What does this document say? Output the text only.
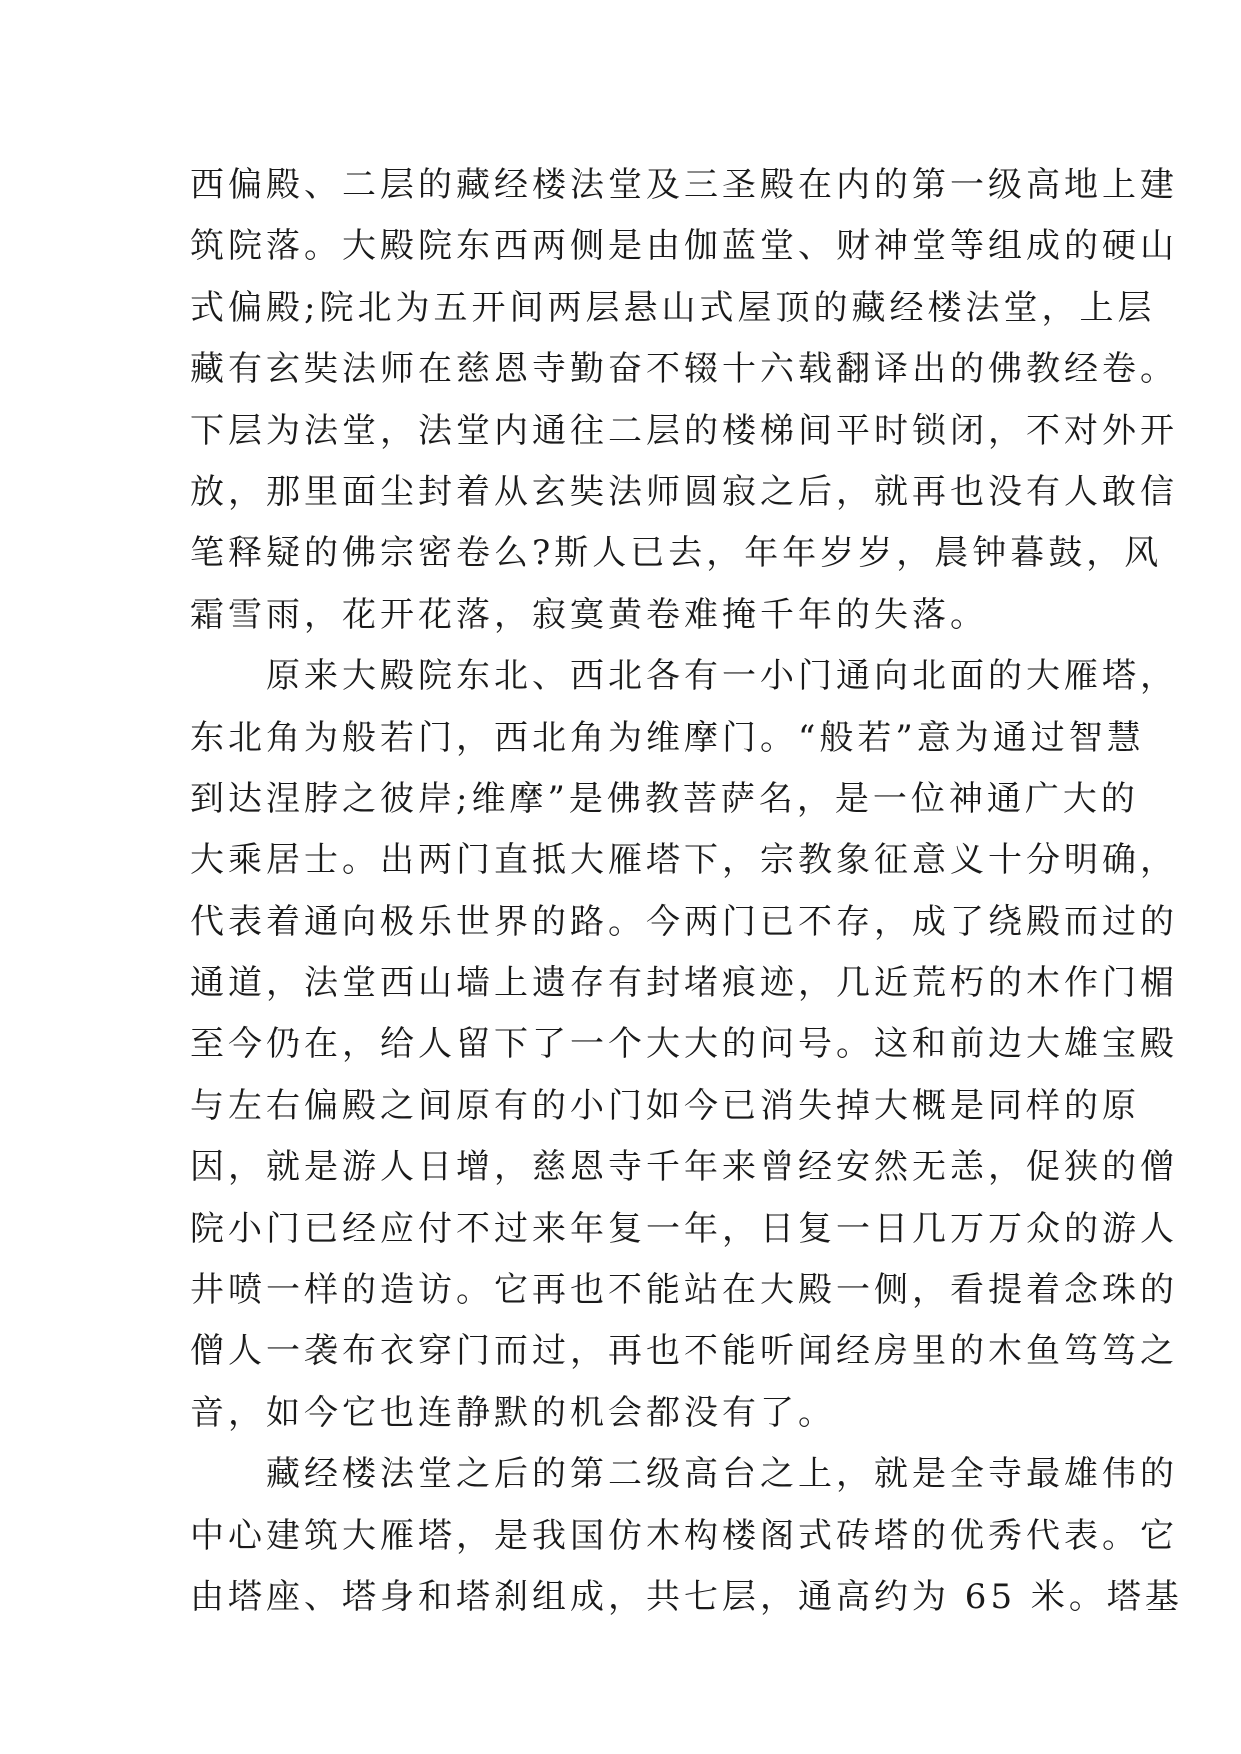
西偏殿、二层的藏经楼法堂及三圣殿在内的第一级高地上建
筑院落。大殿院东西两侧是由伽蓝堂、财神堂等组成的硬山
式偏殿;院北为五开间两层悬山式屋顶的藏经楼法堂，上层
藏有玄奘法师在慈恩寺勤奋不辍十六载翻译出的佛教经卷。
下层为法堂，法堂内通往二层的楼梯间平时锁闭，不对外开
放，那里面尘封着从玄奘法师圆寂之后，就再也没有人敢信
笔释疑的佛宗密卷么?斯人已去，年年岁岁，晨钟暮鼓，风
霜雪雨，花开花落，寂寞黄卷难掩千年的失落。
　　原来大殿院东北、西北各有一小门通向北面的大雁塔，
东北角为般若门，西北角为维摩门。“般若”意为通过智慧
到达涅脖之彼岸;维摩”是佛教菩萨名，是一位神通广大的
大乘居士。出两门直抵大雁塔下，宗教象征意义十分明确，
代表着通向极乐世界的路。今两门已不存，成了绕殿而过的
通道，法堂西山墙上遗存有封堵痕迹，几近荒朽的木作门楣
至今仍在，给人留下了一个大大的问号。这和前边大雄宝殿
与左右偏殿之间原有的小门如今已消失掉大概是同样的原
因，就是游人日增，慈恩寺千年来曾经安然无恙，促狭的僧
院小门已经应付不过来年复一年，日复一日几万万众的游人
井喷一样的造访。它再也不能站在大殿一侧，看提着念珠的
僧人一袭布衣穿门而过，再也不能听闻经房里的木鱼笃笃之
音，如今它也连静默的机会都没有了。
　　藏经楼法堂之后的第二级高台之上，就是全寺最雄伟的
中心建筑大雁塔，是我国仿木构楼阁式砖塔的优秀代表。它
由塔座、塔身和塔刹组成，共七层，通高约为 65 米。塔基
